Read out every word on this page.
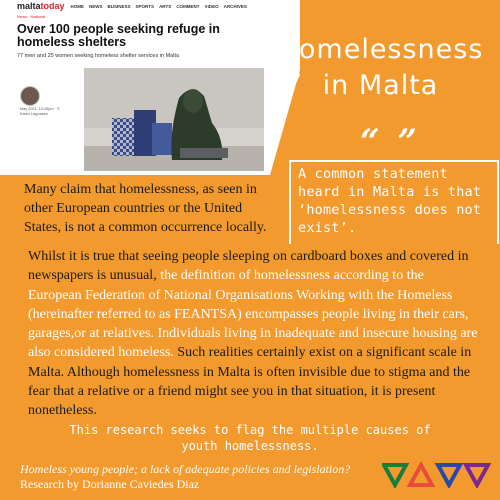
maltatoday HOME NEWS BUSINESS SPORTS ARTS COMMENT VIDEO ARCHIVES
News · National
Over 100 people seeking refuge in homeless shelters
77 men and 25 women seeking homeless shelter services in Malta
May 2021, 12:45pm · © Karen Lagnazza
Homelessness
in Malta
“ ”
A common statement heard in Malta is that ‘homelessness does not exist’.
Many claim that homelessness, as seen in other European countries or the United States, is not a common occurrence locally.
Whilst it is true that seeing people sleeping on cardboard boxes and covered in newspapers is unusual, the definition of homelessness according to the European Federation of National Organisations Working with the Homeless (hereinafter referred to as FEANTSA) encompasses people living in their cars, garages,or at relatives. Individuals living in inadequate and insecure housing are also considered homeless. Such realities certainly exist on a significant scale in Malta. Although homelessness in Malta is often invisible due to stigma and the fear that a relative or a friend might see you in that situation, it is present nonetheless.
This research seeks to flag the multiple causes of youth homelessness.
Homeless young people; a lack of adequate policies and legislation?
Research by Dorianne Caviedes Diaz
